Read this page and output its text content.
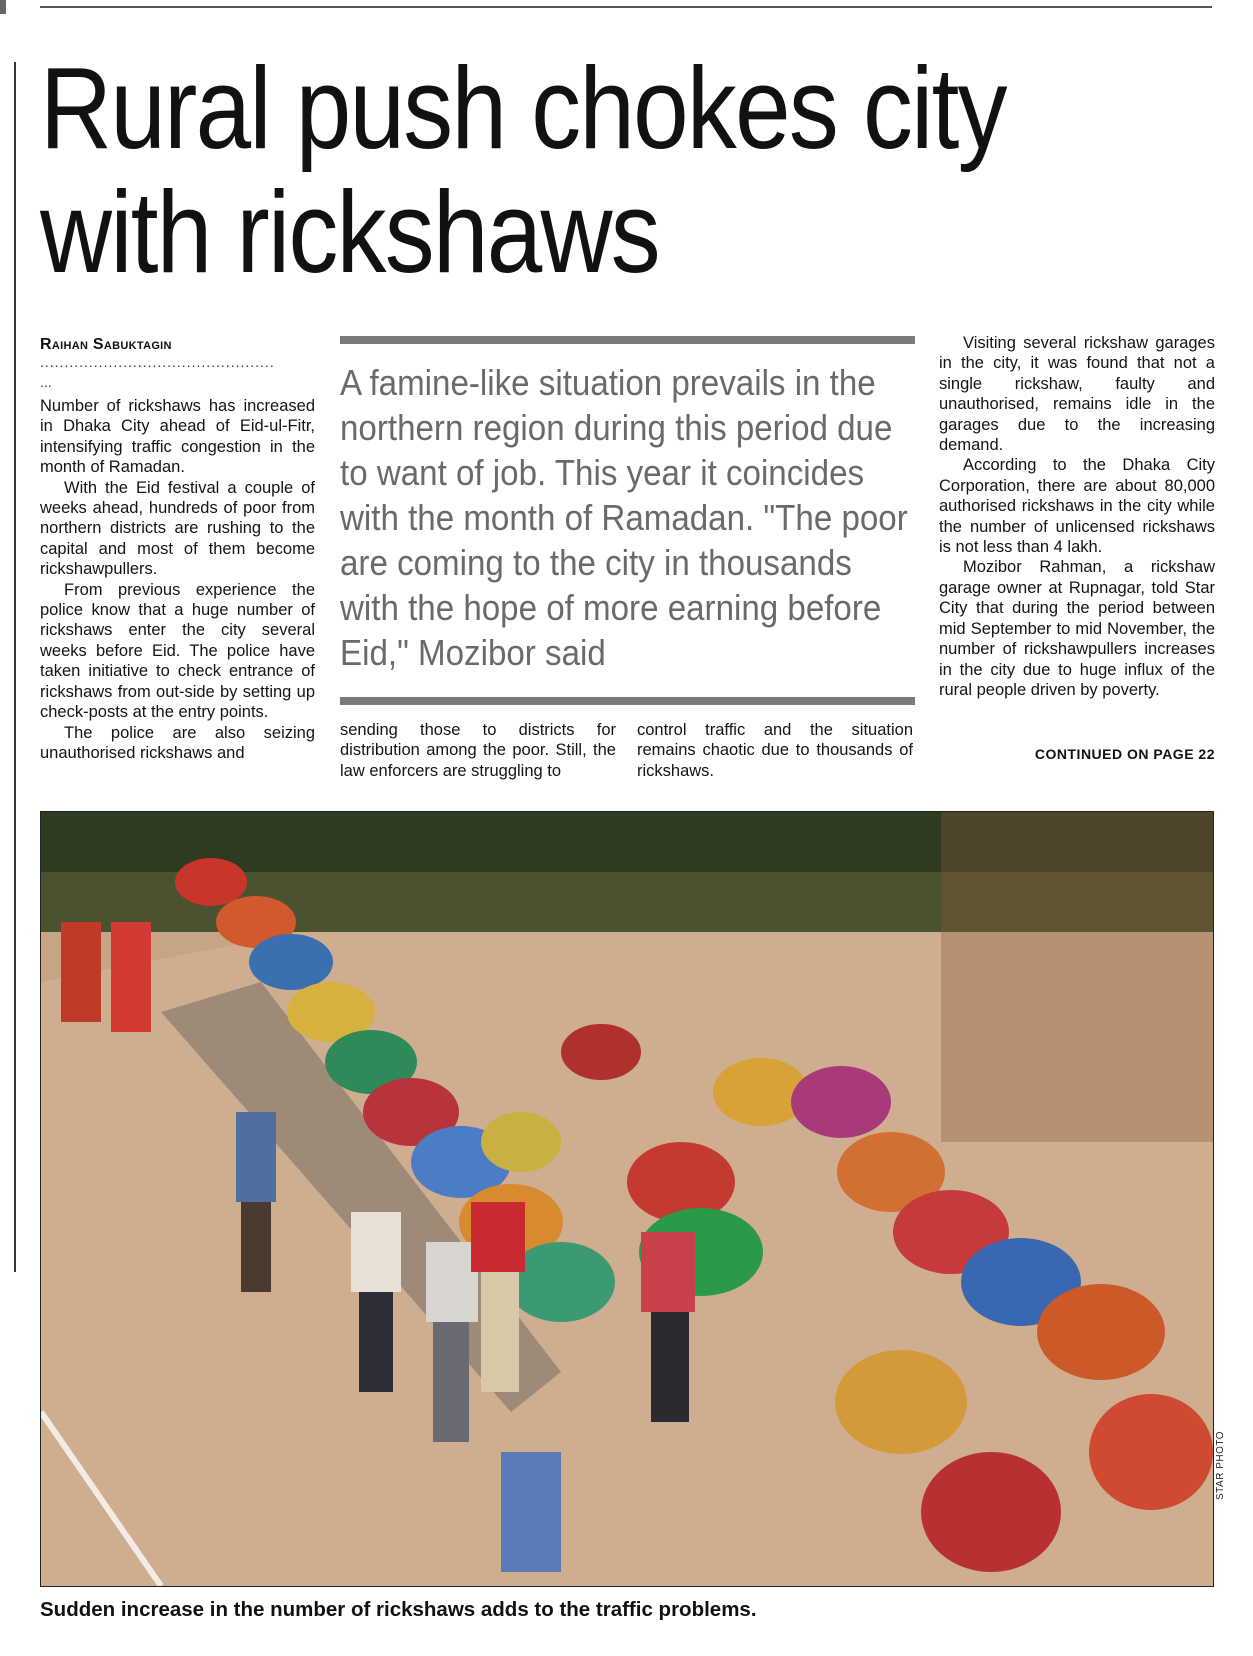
Rural push chokes city
with rickshaws
Raihan Sabuktagin
................................................
...

Number of rickshaws has increased in Dhaka City ahead of Eid-ul-Fitr, intensifying traffic congestion in the month of Ramadan.

With the Eid festival a couple of weeks ahead, hundreds of poor from northern districts are rushing to the capital and most of them become rickshawpullers.

From previous experience the police know that a huge number of rickshaws enter the city several weeks before Eid. The police have taken initiative to check entrance of rickshaws from out-side by setting up check-posts at the entry points.

The police are also seizing unauthorised rickshaws and

A famine-like situation prevails in the northern region during this period due to want of job. This year it coincides with the month of Ramadan. "The poor are coming to the city in thousands with the hope of more earning before Eid," Mozibor said

sending those to districts for distribution among the poor. Still, the law enforcers are struggling to

control traffic and the situation remains chaotic due to thousands of rickshaws.

Visiting several rickshaw garages in the city, it was found that not a single rickshaw, faulty and unauthorised, remains idle in the garages due to the increasing demand.

According to the Dhaka City Corporation, there are about 80,000 authorised rickshaws in the city while the number of unlicensed rickshaws is not less than 4 lakh.

Mozibor Rahman, a rickshaw garage owner at Rupnagar, told Star City that during the period between mid September to mid November, the number of rickshawpullers increases in the city due to huge influx of the rural people driven by poverty.

CONTINUED ON PAGE 22
STAR PHOTO
Sudden increase in the number of rickshaws adds to the traffic problems.
